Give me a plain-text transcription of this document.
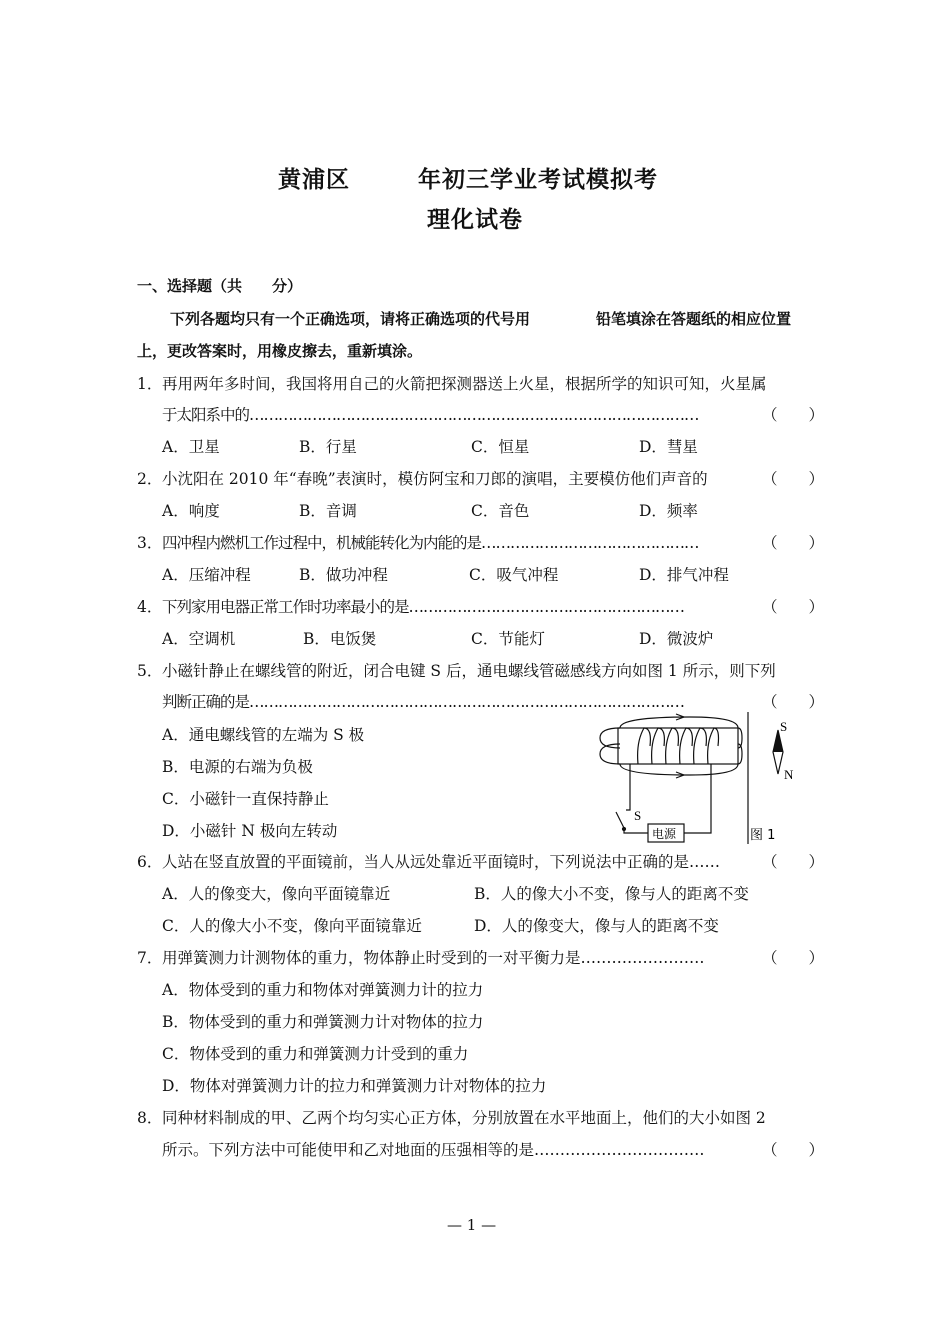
黄浦区	年初三学业考试模拟考
理化试卷
一、选择题（共　　分）
下列各题均只有一个正确选项，请将正确选项的代号用	铅笔填涂在答题纸的相应位置
上，更改答案时，用橡皮擦去，重新填涂。
1． 再用两年多时间，我国将用自己的火箭把探测器送上火星，根据所学的知识可知，火星属
于太阳系中的…………………………………………………………………………………	（　　）
A．卫星	B．行星	C．恒星	D．彗星
2． 小沈阳在 2010 年“春晚”表演时，模仿阿宝和刀郎的演唱，主要模仿他们声音的	（　　）
A．响度	B．音调	C．音色	D．频率
3． 四冲程内燃机工作过程中，机械能转化为内能的是………………………………………	（　　）
A．压缩冲程	B．做功冲程	C．吸气冲程	D．排气冲程
4． 下列家用电器正常工作时功率最小的是…………………………………………………	（　　）
A．空调机	B．电饭煲	C．节能灯	D．微波炉
5． 小磁针静止在螺线管的附近，闭合电键 S 后，通电螺线管磁感线方向如图 1 所示，则下列
判断正确的是………………………………………………………………………………	（　　）
A．通电螺线管的左端为 S 极
B．电源的右端为负极
C．小磁针一直保持静止
D．小磁针 N 极向左转动
S
电源	图 1
S
N
6． 人站在竖直放置的平面镜前，当人从远处靠近平面镜时，下列说法中正确的是……	（　　）
A．人的像变大，像向平面镜靠近	B．人的像大小不变，像与人的距离不变
C．人的像大小不变，像向平面镜靠近	D．人的像变大，像与人的距离不变
7． 用弹簧测力计测物体的重力，物体静止时受到的一对平衡力是……………………	（　　）
A．物体受到的重力和物体对弹簧测力计的拉力
B．物体受到的重力和弹簧测力计对物体的拉力
C．物体受到的重力和弹簧测力计受到的重力
D．物体对弹簧测力计的拉力和弹簧测力计对物体的拉力
8． 同种材料制成的甲、乙两个均匀实心正方体，分别放置在水平地面上，他们的大小如图 2
所示。下列方法中可能使甲和乙对地面的压强相等的是……………………………	（　　）
— 1 —
